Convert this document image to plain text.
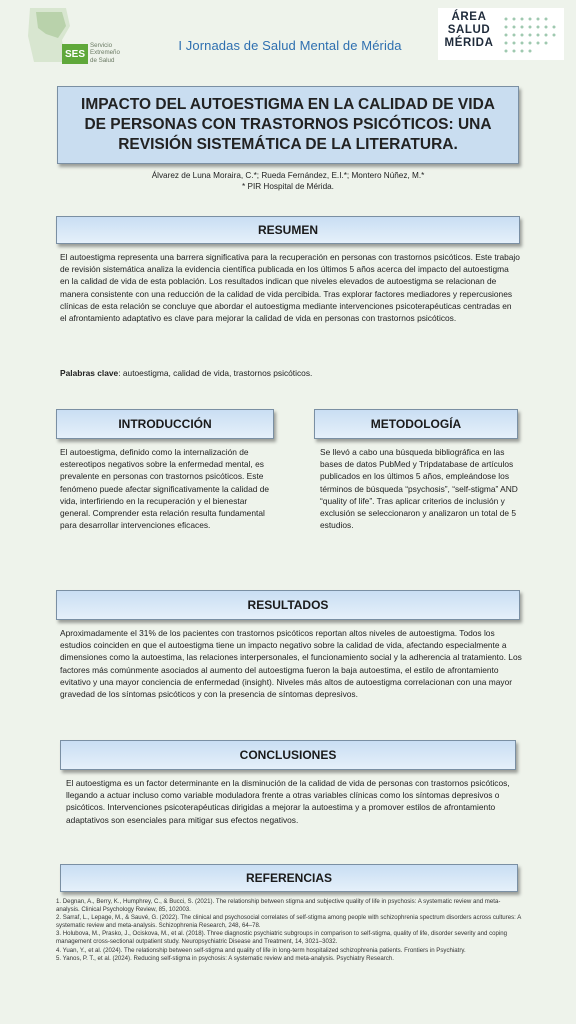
SES
Servicio
Extremeño
de Salud
I Jornadas de Salud Mental de Mérida
ÁREA
SALUD
MÉRIDA
IMPACTO DEL AUTOESTIGMA EN LA CALIDAD DE VIDA DE PERSONAS CON TRASTORNOS PSICÓTICOS: UNA REVISIÓN SISTEMÁTICA DE LA LITERATURA.
Álvarez de Luna Moraira, C.*; Rueda Fernández, E.I.*; Montero Núñez, M.*
* PIR Hospital de Mérida.
RESUMEN
El autoestigma representa una barrera significativa para la recuperación en personas con trastornos psicóticos. Este trabajo de revisión sistemática analiza la evidencia científica publicada en los últimos 5 años acerca del impacto del autoestigma en la calidad de vida de esta población. Los resultados indican que niveles elevados de autoestigma se relacionan de manera consistente con una reducción de la calidad de vida percibida. Tras explorar factores mediadores y repercusiones clínicas de esta relación se concluye que abordar el autoestigma mediante intervenciones psicoterapéuticas centradas en el afrontamiento adaptativo es clave para mejorar la calidad de vida en personas con trastornos psicóticos.
Palabras clave: autoestigma, calidad de vida, trastornos psicóticos.
INTRODUCCIÓN
El autoestigma, definido como la internalización de estereotipos negativos sobre la enfermedad mental, es prevalente en personas con trastornos psicóticos. Este fenómeno puede afectar significativamente la calidad de vida, interfiriendo en la recuperación y el bienestar general. Comprender esta relación resulta fundamental para desarrollar intervenciones eficaces.
METODOLOGÍA
Se llevó a cabo una búsqueda bibliográfica en las bases de datos PubMed y Tripdatabase de artículos publicados en los últimos 5 años, empleándose los términos de búsqueda “psychosis”, “self-stigma” AND “quality of life”. Tras aplicar criterios de inclusión y exclusión se seleccionaron y analizaron un total de 5 estudios.
RESULTADOS
Aproximadamente el 31% de los pacientes con trastornos psicóticos reportan altos niveles de autoestigma. Todos los estudios coinciden en que el autoestigma tiene un impacto negativo sobre la calidad de vida, afectando especialmente a dimensiones como la autoestima, las relaciones interpersonales, el funcionamiento social y la adherencia al tratamiento. Los factores más comúnmente asociados al aumento del autoestigma fueron la baja autoestima, el estilo de afrontamiento evitativo y una mayor conciencia de enfermedad (insight). Niveles más altos de autoestigma correlacionan con una mayor gravedad de los síntomas psicóticos y con la presencia de síntomas depresivos.
CONCLUSIONES
El autoestigma es un factor determinante en la disminución de la calidad de vida de personas con trastornos psicóticos, llegando a actuar incluso como variable moduladora frente a otras variables clínicas como los síntomas depresivos o psicóticos. Intervenciones psicoterapéuticas dirigidas a mejorar la autoestima y a promover estilos de afrontamiento adaptativos son esenciales para mitigar sus efectos negativos.
REFERENCIAS
1. Degnan, A., Berry, K., Humphrey, C., & Bucci, S. (2021). The relationship between stigma and subjective quality of life in psychosis: A systematic review and meta-analysis. Clinical Psychology Review, 85, 102003.
2. Sarraf, L., Lepage, M., & Sauvé, G. (2022). The clinical and psychosocial correlates of self-stigma among people with schizophrenia spectrum disorders across cultures: A systematic review and meta-analysis. Schizophrenia Research, 248, 64–78.
3. Holubova, M., Prasko, J., Ociskova, M., et al. (2018). Three diagnostic psychiatric subgroups in comparison to self-stigma, quality of life, disorder severity and coping management cross-sectional outpatient study. Neuropsychiatric Disease and Treatment, 14, 3021–3032.
4. Yuan, Y., et al. (2024). The relationship between self-stigma and quality of life in long-term hospitalized schizophrenia patients. Frontiers in Psychiatry.
5. Yanos, P. T., et al. (2024). Reducing self-stigma in psychosis: A systematic review and meta-analysis. Psychiatry Research.
